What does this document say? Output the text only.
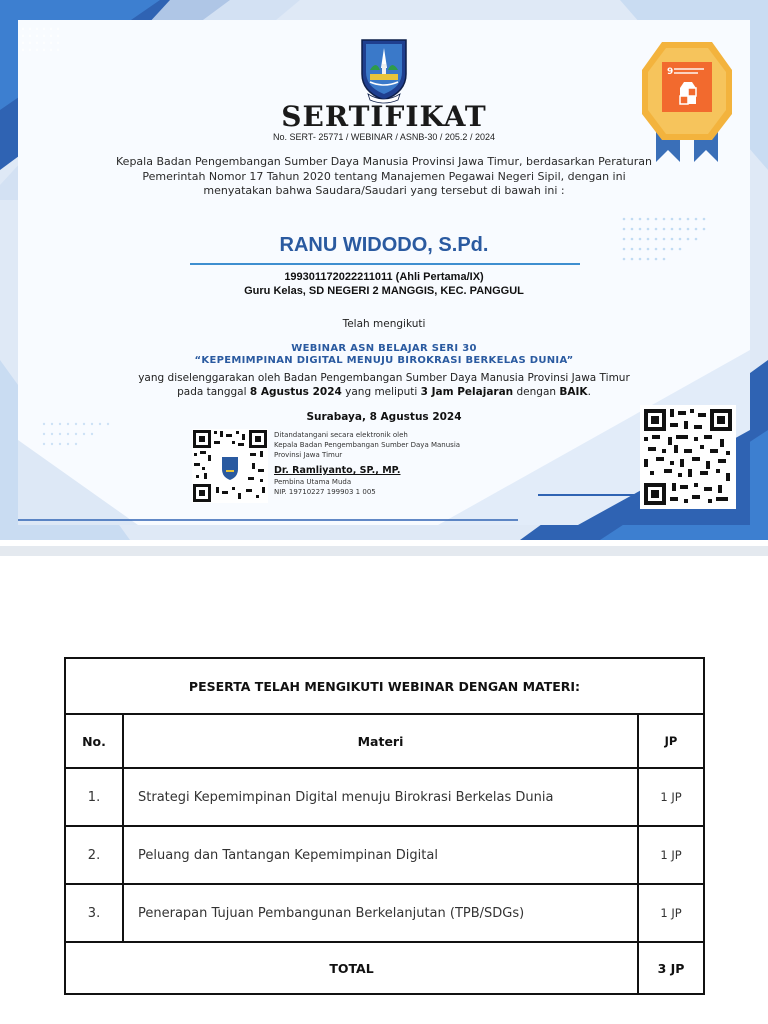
SERTIFIKAT
No. SERT- 25771 / WEBINAR / ASNB-30 / 205.2 / 2024
Kepala Badan Pengembangan Sumber Daya Manusia Provinsi Jawa Timur, berdasarkan Peraturan Pemerintah Nomor 17 Tahun 2020 tentang Manajemen Pegawai Negeri Sipil, dengan ini menyatakan bahwa Saudara/Saudari yang tersebut di bawah ini :
RANU WIDODO, S.Pd.
199301172022211011 (Ahli Pertama/IX)
Guru Kelas, SD NEGERI 2 MANGGIS, KEC. PANGGUL
Telah mengikuti
WEBINAR ASN BELAJAR SERI 30
“KEPEMIMPINAN DIGITAL MENUJU BIROKRASI BERKELAS DUNIA”
yang diselenggarakan oleh Badan Pengembangan Sumber Daya Manusia Provinsi Jawa Timur
pada tanggal 8 Agustus 2024 yang meliputi 3 Jam Pelajaran dengan BAIK.
Surabaya, 8 Agustus 2024
Ditandatangani secara elektronik oleh
Kepala Badan Pengembangan Sumber Daya Manusia
Provinsi Jawa Timur
Dr. Ramliyanto, SP., MP.
Pembina Utama Muda
NIP. 19710227 199903 1 005
9
PESERTA TELAH MENGIKUTI WEBINAR DENGAN MATERI:		
No.	Materi	JP
1.	Strategi Kepemimpinan Digital menuju Birokrasi Berkelas Dunia	1 JP
2.	Peluang dan Tantangan Kepemimpinan Digital	1 JP
3.	Penerapan Tujuan Pembangunan Berkelanjutan (TPB/SDGs)	1 JP
TOTAL		3 JP
